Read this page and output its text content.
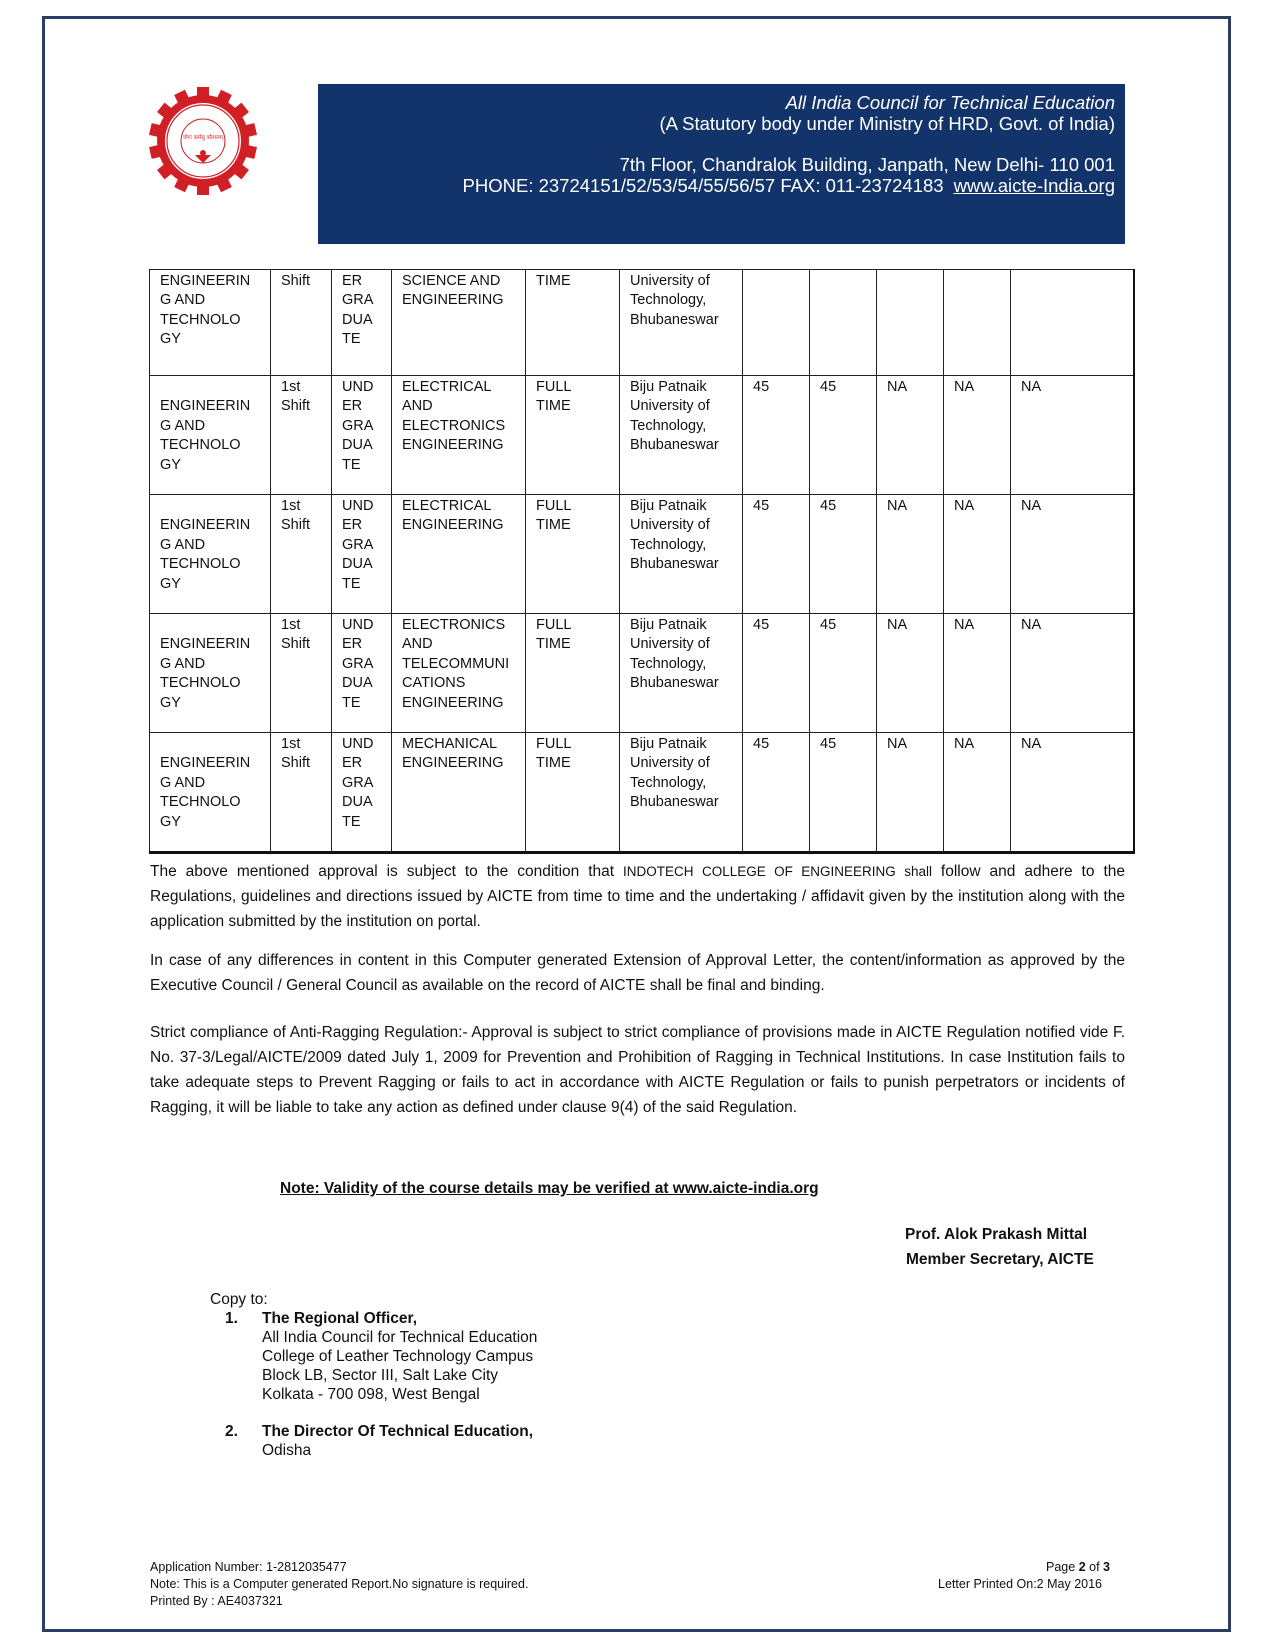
योगः कर्मसु कौशलम्
All India Council for Technical Education
(A Statutory body under Ministry of HRD, Govt. of India)
7th Floor, Chandralok Building, Janpath, New Delhi- 110 001
PHONE: 23724151/52/53/54/55/56/57 FAX: 011-23724183 www.aicte-India.org
ENGINEERIN
G AND
TECHNOLO
GY	Shift	ER
GRA
DUA
TE	SCIENCE AND
ENGINEERING	TIME	University of
Technology,
Bhubaneswar					

ENGINEERIN
G AND
TECHNOLO
GY	1st
Shift	UND
ER
GRA
DUA
TE	ELECTRICAL
AND
ELECTRONICS
ENGINEERING	FULL
TIME	Biju Patnaik
University of
Technology,
Bhubaneswar	45	45	NA	NA	NA

ENGINEERIN
G AND
TECHNOLO
GY	1st
Shift	UND
ER
GRA
DUA
TE	ELECTRICAL
ENGINEERING	FULL
TIME	Biju Patnaik
University of
Technology,
Bhubaneswar	45	45	NA	NA	NA

ENGINEERIN
G AND
TECHNOLO
GY	1st
Shift	UND
ER
GRA
DUA
TE	ELECTRONICS
AND
TELECOMMUNI
CATIONS
ENGINEERING	FULL
TIME	Biju Patnaik
University of
Technology,
Bhubaneswar	45	45	NA	NA	NA

ENGINEERIN
G AND
TECHNOLO
GY	1st
Shift	UND
ER
GRA
DUA
TE	MECHANICAL
ENGINEERING	FULL
TIME	Biju Patnaik
University of
Technology,
Bhubaneswar	45	45	NA	NA	NA
The above mentioned approval is subject to the condition that INDOTECH COLLEGE OF ENGINEERING shall follow and adhere to the Regulations, guidelines and directions issued by AICTE from time to time and the undertaking / affidavit given by the institution along with the application submitted by the institution on portal.
In case of any differences in content in this Computer generated Extension of Approval Letter, the content/information as approved by the Executive Council / General Council as available on the record of AICTE shall be final and binding.
Strict compliance of Anti-Ragging Regulation:- Approval is subject to strict compliance of provisions made in AICTE Regulation notified vide F. No. 37-3/Legal/AICTE/2009 dated July 1, 2009 for Prevention and Prohibition of Ragging in Technical Institutions. In case Institution fails to take adequate steps to Prevent Ragging or fails to act in accordance with AICTE Regulation or fails to punish perpetrators or incidents of Ragging, it will be liable to take any action as defined under clause 9(4) of the said Regulation.
Note: Validity of the course details may be verified at www.aicte-india.org
Prof. Alok Prakash Mittal
Member Secretary, AICTE
Copy to:
1. The Regional Officer,
All India Council for Technical Education
College of Leather Technology Campus
Block LB, Sector III, Salt Lake City
Kolkata - 700 098, West Bengal
2. The Director Of Technical Education,
Odisha
Application Number: 1-2812035477
Note: This is a Computer generated Report.No signature is required.
Printed By : AE4037321
Page 2 of 3
Letter Printed On:2 May 2016
